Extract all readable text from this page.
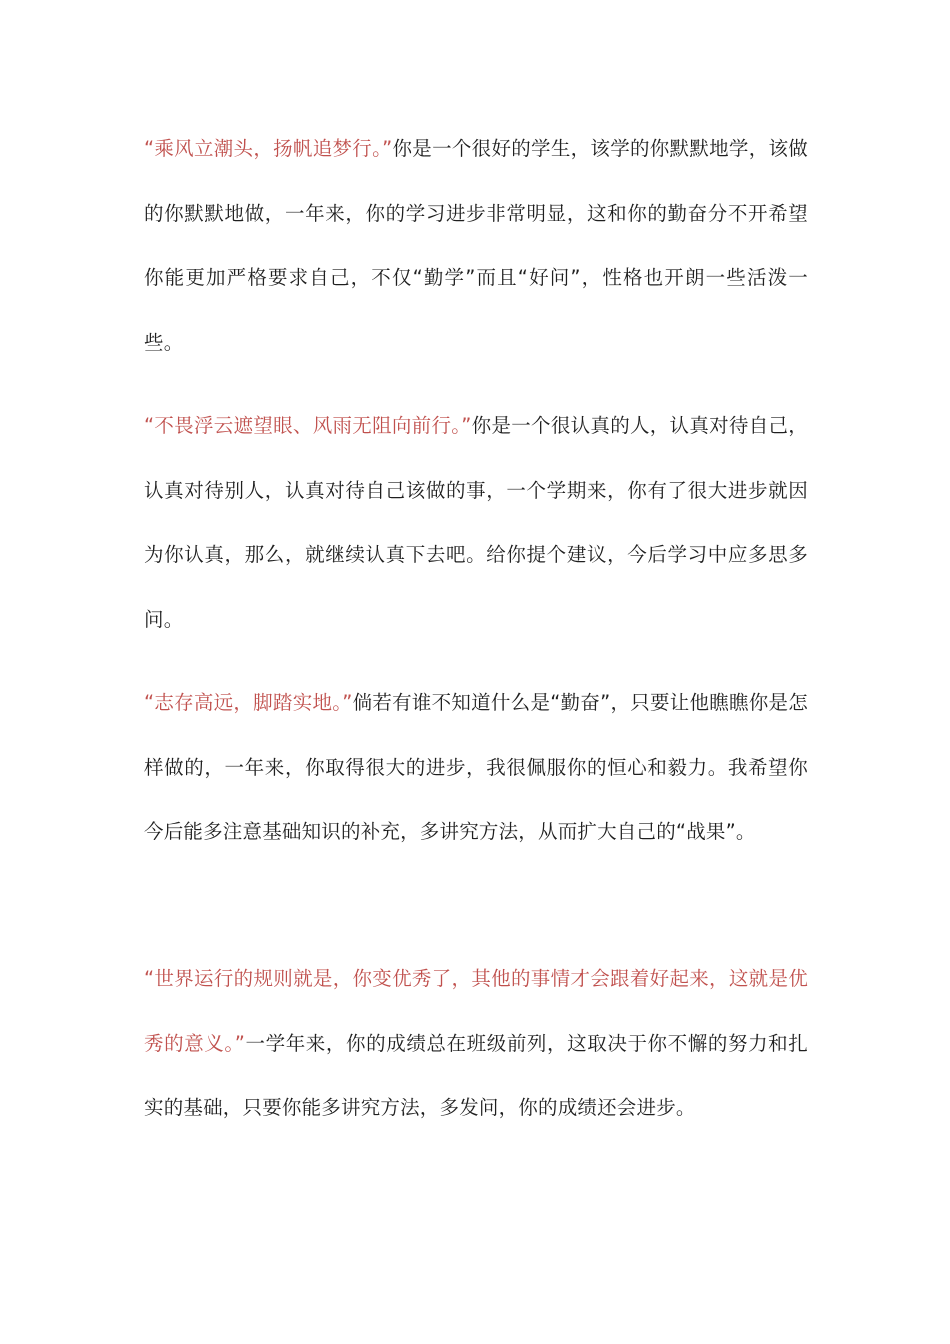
“乘风立潮头，扬帆追梦行。”你是一个很好的学生，该学的你默默地学，该做的你默默地做，一年来，你的学习进步非常明显，这和你的勤奋分不开希望你能更加严格要求自己，不仅“勤学”而且“好问”，性格也开朗一些活泼一些。

“不畏浮云遮望眼、风雨无阻向前行。”你是一个很认真的人，认真对待自己，认真对待别人，认真对待自己该做的事，一个学期来，你有了很大进步就因为你认真，那么，就继续认真下去吧。给你提个建议，今后学习中应多思多问。

“志存高远，脚踏实地。”倘若有谁不知道什么是“勤奋”，只要让他瞧瞧你是怎样做的，一年来，你取得很大的进步，我很佩服你的恒心和毅力。我希望你今后能多注意基础知识的补充，多讲究方法，从而扩大自己的“战果”。

“世界运行的规则就是，你变优秀了，其他的事情才会跟着好起来，这就是优秀的意义。”一学年来，你的成绩总在班级前列，这取决于你不懈的努力和扎实的基础，只要你能多讲究方法，多发问，你的成绩还会进步。
